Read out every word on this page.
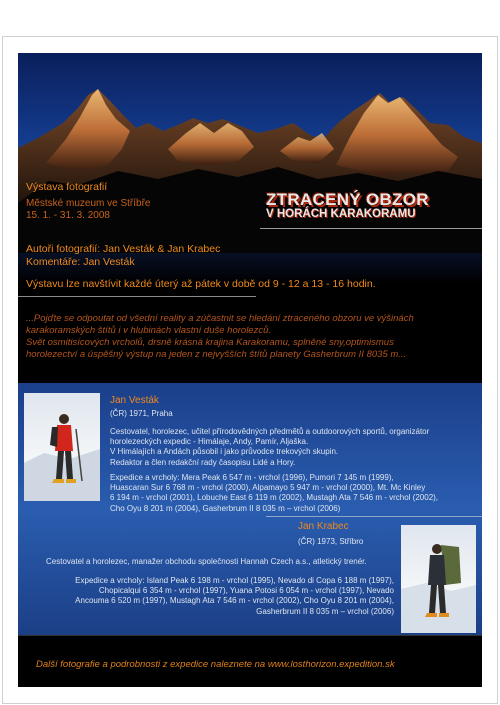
Výstava fotografií
Městské muzeum ve Stříbře
15. 1. - 31. 3. 2008
ZTRACENÝ OBZOR
V HORÁCH KARAKORAMU
Autoři fotografií: Jan Vesták & Jan Krabec
Komentáře: Jan Vesták
Výstavu lze navštívit každé úterý až pátek v době od 9 - 12 a 13 - 16 hodin.
...Pojďte se odpoutat od všední reality a zúčastnit se hledání ztraceného obzoru ve výšinách
karakoramských štítů i v hlubinách vlastní duše horolezců.
Svět osmitisícových vrcholů, drsně krásná krajina Karakoramu, splněné sny,optimismus
horolezectví a úspěšný výstup na jeden z nejvyšších štítů planety Gasherbrum II 8035 m...
Jan Vesták
(ČR) 1971, Praha
Cestovatel, horolezec, učitel přírodovědných předmětů a outdoorových sportů, organizátor
horolezeckých expedic - Himálaje, Andy, Pamír, Aljaška.
V Himálajích a Andách působil i jako průvodce trekových skupin.
Redaktor a člen redakční rady časopisu Lidé a Hory.
Expedice a vrcholy: Mera Peak 6 547 m - vrchol (1996), Pumori 7 145 m (1999),
Huascaran Sur 6 768 m - vrchol (2000), Alpamayo 5 947 m - vrchol (2000), Mt. Mc Kinley
6 194 m - vrchol (2001), Lobuche East 6 119 m (2002), Mustagh Ata 7 546 m - vrchol (2002),
Cho Oyu 8 201 m (2004), Gasherbrum II 8 035 m – vrchol (2006)
Jan Krabec
(ČR) 1973, Stříbro
Cestovatel a horolezec, manažer obchodu společnosti Hannah Czech a.s., atletický trenér.
Expedice a vrcholy: Island Peak 6 198 m - vrchol (1995), Nevado di Copa 6 188 m (1997),
Chopicalqui 6 354 m - vrchol (1997), Yuana Potosi 6 054 m - vrchol (1997), Nevado
Ancouma 6 520 m (1997), Mustagh Ata 7 546 m - vrchol (2002), Cho Oyu 8 201 m (2004),
Gasherbrum II 8 035 m – vrchol (2006)
Další fotografie a podrobnosti z expedice naleznete na www.losthorizon.expedition.sk
